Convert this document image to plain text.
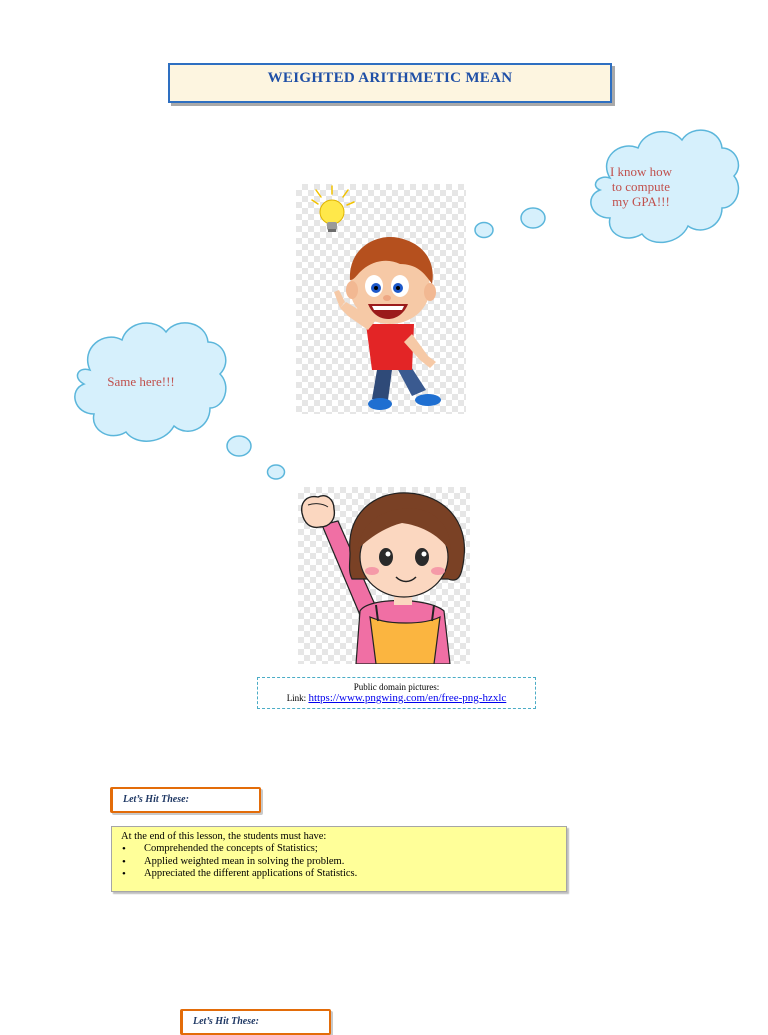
WEIGHTED ARITHMETIC MEAN
I know how
to compute
my GPA!!!
Same here!!!
Public domain pictures:
Link: https://www.pngwing.com/en/free-png-hzxlc
Let’s Hit These:
At the end of this lesson, the students must have:
• Comprehended the concepts of Statistics;
• Applied weighted mean in solving the problem.
• Appreciated the different applications of Statistics.
Let’s Hit These:
